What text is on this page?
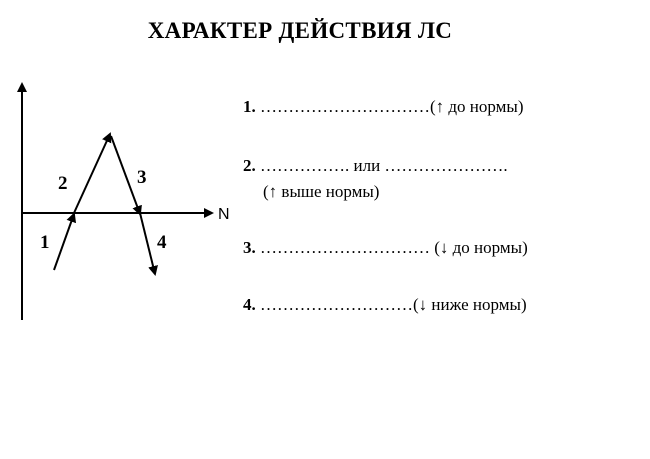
ХАРАКТЕР ДЕЙСТВИЯ ЛС
N
1
2	3
4
1. …………………………(↑ до нормы)
2. ……………. или ………………….
(↑ выше нормы)
3. ………………………… (↓ до нормы)
4. ………………………(↓ ниже нормы)
